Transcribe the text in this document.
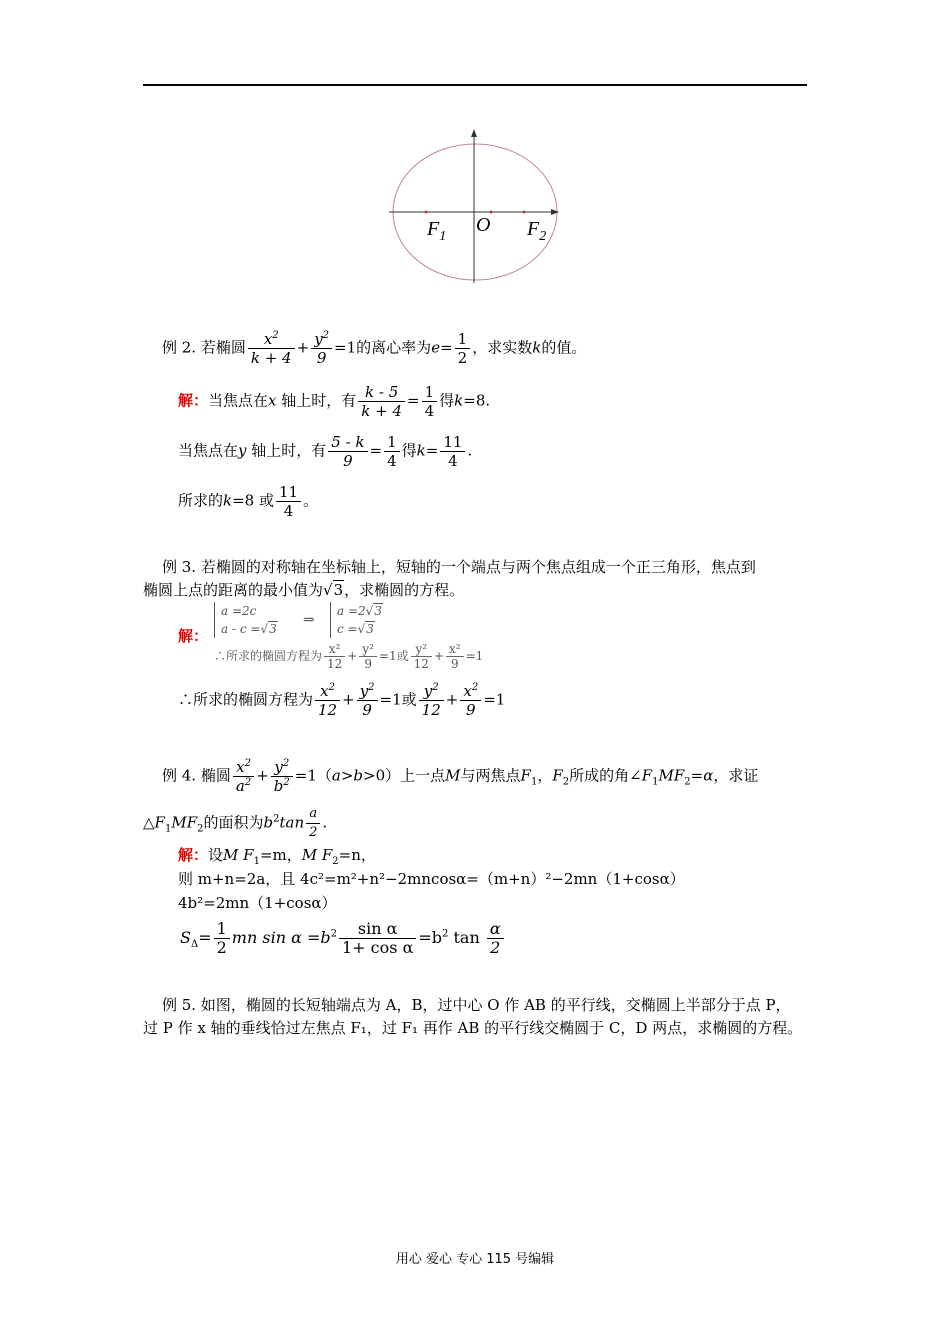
$F_1$
O $F_2$
例 2. 若椭圆 $\frac{x^2}{k + 4} + \frac{y^2}{9} =1$的离心率为$e= \frac{1}{2}$ ，求实数k的值。
解：当焦点在x 轴上时，有 $\frac{k - 5}{k + 4} = \frac{1}{4}$ 得k=8.
当焦点在y 轴上时，有 $\frac{5 - k}{9} = \frac{1}{4}$ 得$k= \frac{11}{4}$ .
所求的k=8 或 $\frac{11}{4}$ 。
例 3. 若椭圆的对称轴在坐标轴上，短轴的一个端点与两个焦点组成一个正三角形，焦点到
椭圆上点的距离的最小值为√3，求椭圆的方程。
解：
a =2c
a - c =√3
⇒
a =2√3
c =√3
∴所求的椭圆方程为 $\frac{\text{x²}}{12} + \frac{\text{y²}}{9} =1$或 $\frac{\text{y²}}{12} + \frac{\text{x²}}{9} =1$
∴所求的椭圆方程为 $\frac{x^2}{12} + \frac{y^2}{9} =1$或 $\frac{y^2}{12} + \frac{x^2}{9} =1$
例 4. 椭圆 $\frac{x^2}{a^2} + \frac{y^2}{b^2} =1(a>b>0)$上一点M与两焦点$F_1$，$F_2$所成的角$\angle F_1MF_2=\alpha$，求证
$\triangle F_1MF_2$的面积为$b^2\tan \frac{a}{2}$ .
解：设M $F_1=m$，M $F_2=n$，
则 m+n=2a，且 4c²=m²+n²−2mncosα=（m+n）²−2mn（1+cosα）
4b²=2mn（1+cosα）
$S_\Delta= \frac{1}{2}$ mn $\sin \alpha =b^2 \frac{\text{sin α}}{\text{1+ cos α}} =b^2$ $\tan \frac{\alpha}{2}$
例 5. 如图，椭圆的长短轴端点为 A，B，过中心 O 作 AB 的平行线，交椭圆上半部分于点 P，
过 P 作 x 轴的垂线恰过左焦点 F₁，过 F₁ 再作 AB 的平行线交椭圆于 C，D 两点，求椭圆的方程。
用心 爱心 专心 115 号编辑
